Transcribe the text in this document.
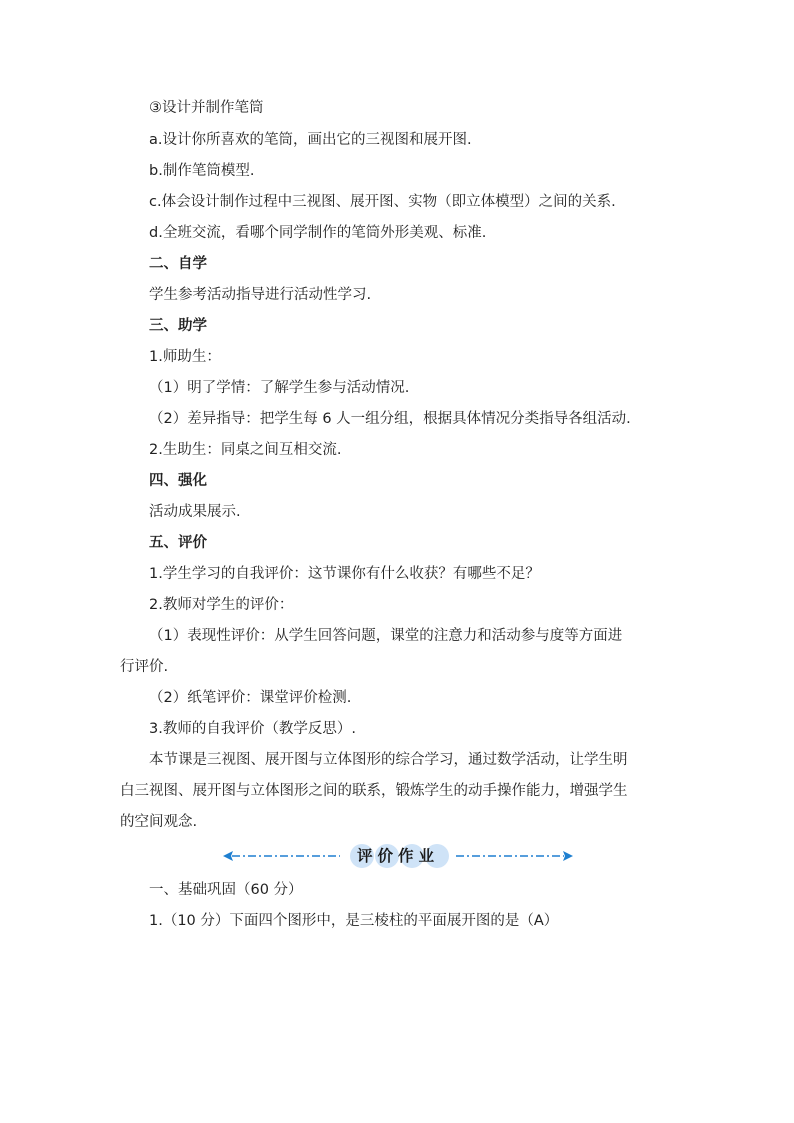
③设计并制作笔筒
a.设计你所喜欢的笔筒，画出它的三视图和展开图.
b.制作笔筒模型.
c.体会设计制作过程中三视图、展开图、实物（即立体模型）之间的关系.
d.全班交流，看哪个同学制作的笔筒外形美观、标准.
二、自学
学生参考活动指导进行活动性学习.
三、助学
1.师助生：
（1）明了学情：了解学生参与活动情况.
（2）差异指导：把学生每 6 人一组分组，根据具体情况分类指导各组活动.
2.生助生：同桌之间互相交流.
四、强化
活动成果展示.
五、评价
1.学生学习的自我评价：这节课你有什么收获？有哪些不足？
2.教师对学生的评价：
（1）表现性评价：从学生回答问题，课堂的注意力和活动参与度等方面进
行评价.
（2）纸笔评价：课堂评价检测.
3.教师的自我评价（教学反思）.
本节课是三视图、展开图与立体图形的综合学习，通过数学活动，让学生明
白三视图、展开图与立体图形之间的联系，锻炼学生的动手操作能力，增强学生
的空间观念.
评价作业
一、基础巩固（60 分）
1.（10 分）下面四个图形中，是三棱柱的平面展开图的是（A）
